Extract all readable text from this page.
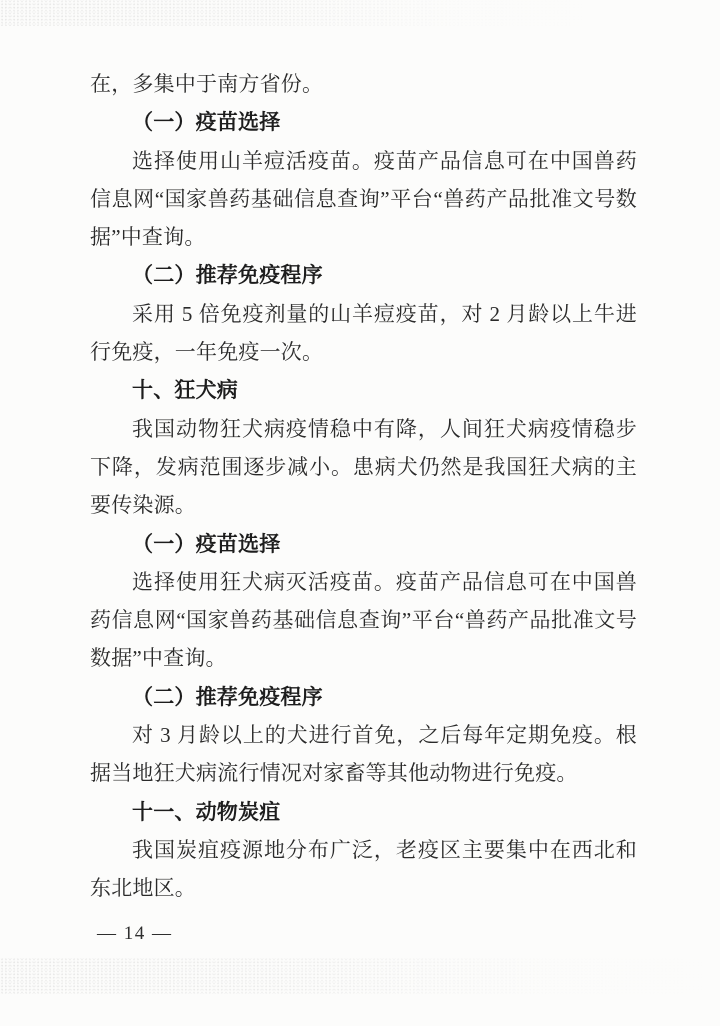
在，多集中于南方省份。

（一）疫苗选择

选择使用山羊痘活疫苗。疫苗产品信息可在中国兽药信息网“国家兽药基础信息查询”平台“兽药产品批准文号数据”中查询。

（二）推荐免疫程序

采用 5 倍免疫剂量的山羊痘疫苗，对 2 月龄以上牛进行免疫，一年免疫一次。

十、狂犬病

我国动物狂犬病疫情稳中有降，人间狂犬病疫情稳步下降，发病范围逐步减小。患病犬仍然是我国狂犬病的主要传染源。

（一）疫苗选择

选择使用狂犬病灭活疫苗。疫苗产品信息可在中国兽药信息网“国家兽药基础信息查询”平台“兽药产品批准文号数据”中查询。

（二）推荐免疫程序

对 3 月龄以上的犬进行首免，之后每年定期免疫。根据当地狂犬病流行情况对家畜等其他动物进行免疫。

十一、动物炭疽

我国炭疽疫源地分布广泛，老疫区主要集中在西北和东北地区。

— 14 —
